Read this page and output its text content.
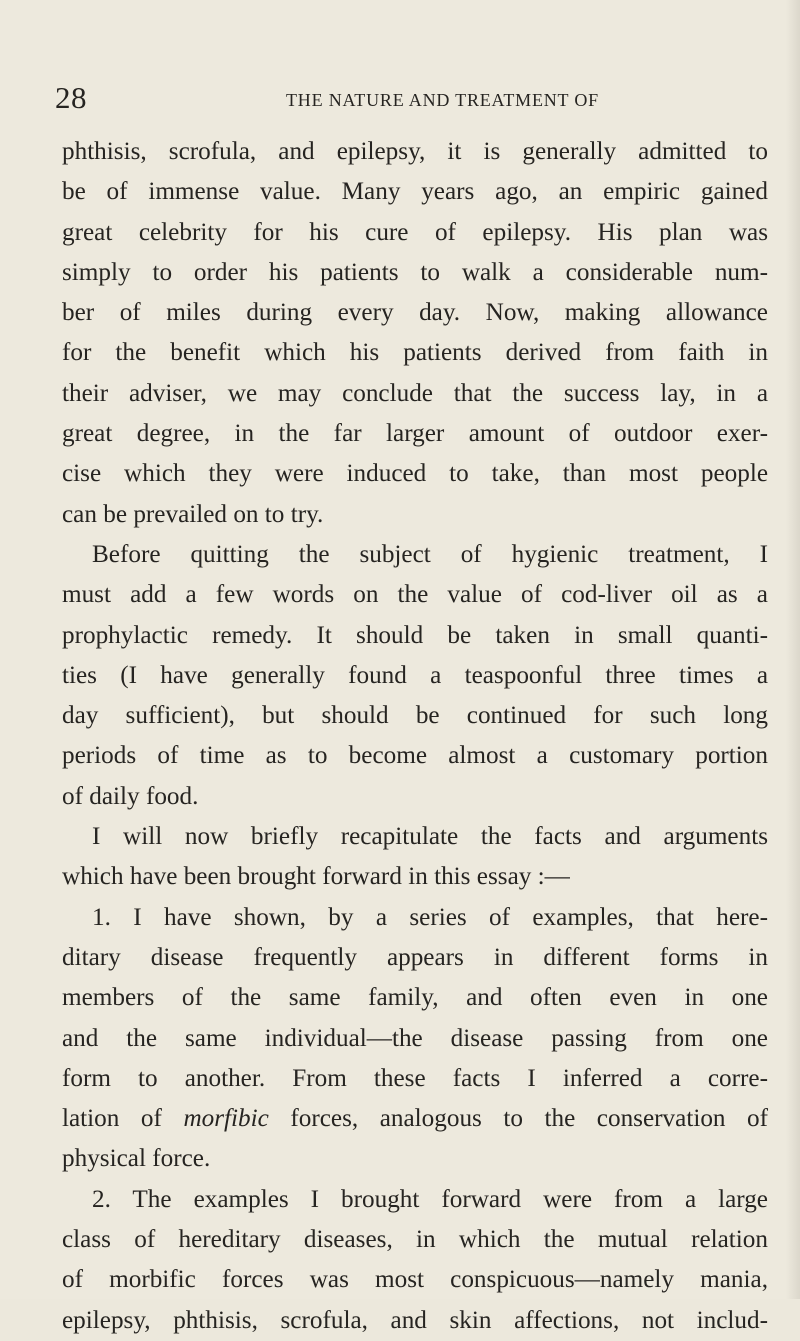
28	THE NATURE AND TREATMENT OF
phthisis, scrofula, and epilepsy, it is generally admitted to
be of immense value. Many years ago, an empiric gained
great celebrity for his cure of epilepsy. His plan was
simply to order his patients to walk a considerable num-
ber of miles during every day. Now, making allowance
for the benefit which his patients derived from faith in
their adviser, we may conclude that the success lay, in a
great degree, in the far larger amount of outdoor exer-
cise which they were induced to take, than most people
can be prevailed on to try.
Before quitting the subject of hygienic treatment, I
must add a few words on the value of cod-liver oil as a
prophylactic remedy. It should be taken in small quanti-
ties (I have generally found a teaspoonful three times a
day sufficient), but should be continued for such long
periods of time as to become almost a customary portion
of daily food.
I will now briefly recapitulate the facts and arguments
which have been brought forward in this essay :—
1. I have shown, by a series of examples, that here-
ditary disease frequently appears in different forms in
members of the same family, and often even in one
and the same individual—the disease passing from one
form to another. From these facts I inferred a corre-
lation of morfibic forces, analogous to the conservation of
physical force.
2. The examples I brought forward were from a large
class of hereditary diseases, in which the mutual relation
of morbific forces was most conspicuous—namely mania,
epilepsy, phthisis, scrofula, and skin affections, not includ-
